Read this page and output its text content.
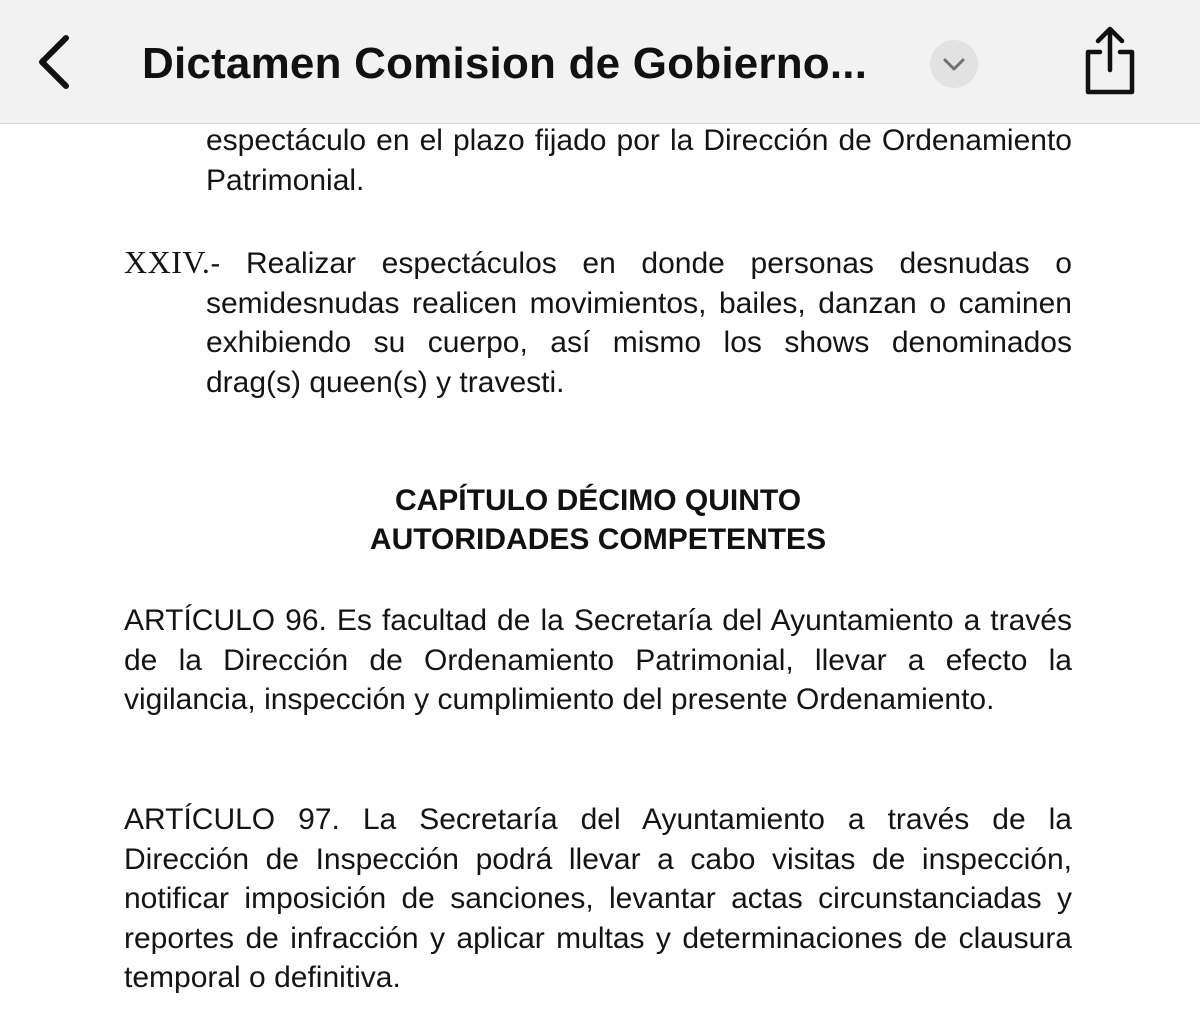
Dictamen Comision de Gobierno...

espectáculo en el plazo fijado por la Dirección de Ordenamiento Patrimonial.

XXIV.- Realizar espectáculos en donde personas desnudas o semidesnudas realicen movimientos, bailes, danzan o caminen exhibiendo su cuerpo, así mismo los shows denominados drag(s) queen(s) y travesti.

CAPÍTULO DÉCIMO QUINTO
AUTORIDADES COMPETENTES

ARTÍCULO 96. Es facultad de la Secretaría del Ayuntamiento a través de la Dirección de Ordenamiento Patrimonial, llevar a efecto la vigilancia, inspección y cumplimiento del presente Ordenamiento.

ARTÍCULO 97. La Secretaría del Ayuntamiento a través de la Dirección de Inspección podrá llevar a cabo visitas de inspección, notificar imposición de sanciones, levantar actas circunstanciadas y reportes de infracción y aplicar multas y determinaciones de clausura temporal o definitiva.
